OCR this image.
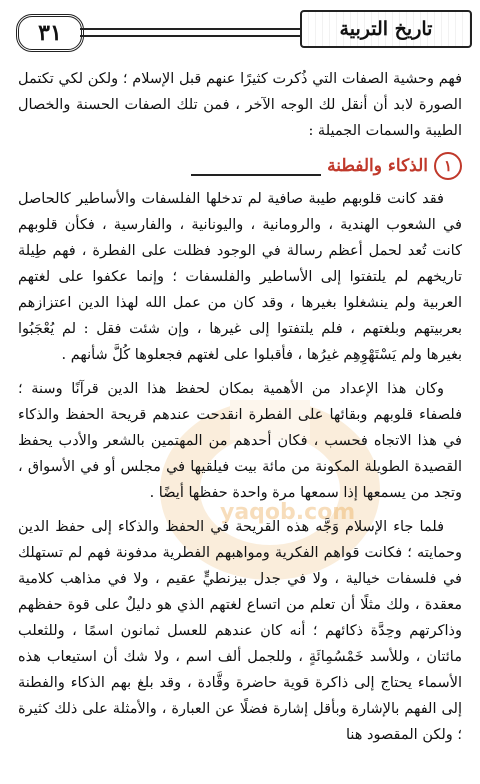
٣١	تاريخ التربية
yaqob.com

فهم وحشية الصفات التي ذُكرت كثيرًا عنهم قبل الإسلام ؛ ولكن لكي تكتمل الصورة لابد أن أنقل لك الوجه الآخر ، فمن تلك الصفات الحسنة والخصال الطيبة والسمات الجميلة :

١
الذكاء والفطنة

فقد كانت قلوبهم طيبة صافية لم تدخلها الفلسفات والأساطير كالحاصل في الشعوب الهندية ، والرومانية ، واليونانية ، والفارسية ، فكأن قلوبهم كانت تُعد لحمل أعظم رسالة في الوجود فظلت على الفطرة ، فهم طِيلة تاريخهم لم يلتفتوا إلى الأساطير والفلسفات ؛ وإنما عكفوا على لغتهم العربية ولم ينشغلوا بغيرها ، وقد كان من عمل الله لهذا الدين اعتزازهم بعربيتهم وبلغتهم ، فلم يلتفتوا إلى غيرها ، وإن شئت فقل : لم يُعْجَبُوا بغيرها ولم يَسْتَهْوِهِم غيرُها ، فأقبلوا على لغتهم فجعلوها كُلَّ شأنهم .

وكان هذا الإعداد من الأهمية بمكان لحفظ هذا الدين قرآنًا وسنة ؛ فلصفاء قلوبهم وبقائها على الفطرة انقدحت عندهم قريحة الحفظ والذكاء في هذا الاتجاه فحسب ، فكان أحدهم من المهتمين بالشعر والأدب يحفظ القصيدة الطويلة المكونة من مائة بيت فيلقيها في مجلس أو في الأسواق ، وتجد من يسمعها إذا سمعها مرة واحدة حفظها أيضًا .

فلما جاء الإسلام وَجَّه هذه القريحة في الحفظ والذكاء إلى حفظ الدين وحمايته ؛ فكانت قواهم الفكرية ومواهبهم الفطرية مدفونة فهم لم تستهلك في فلسفات خيالية ، ولا في جدل بيزنطيٍّ عقيم ، ولا في مذاهب كلامية معقدة ، ولك مثلًا أن تعلم من اتساع لغتهم الذي هو دليلٌ على قوة حفظهم وذاكرتهم وحِدَّة ذكائهم ؛ أنه كان عندهم للعسل ثمانون اسمًا ، وللثعلب مائتان ، وللأسد خَمْسُمِائَةٍ ، وللجمل ألف اسم ، ولا شك أن استيعاب هذه الأسماء يحتاج إلى ذاكرة قوية حاضرة وقَّادة ، وقد بلغ بهم الذكاء والفطنة إلى الفهم بالإشارة وبأقل إشارة فضلًا عن العبارة ، والأمثلة على ذلك كثيرة ؛ ولكن المقصود هنا
